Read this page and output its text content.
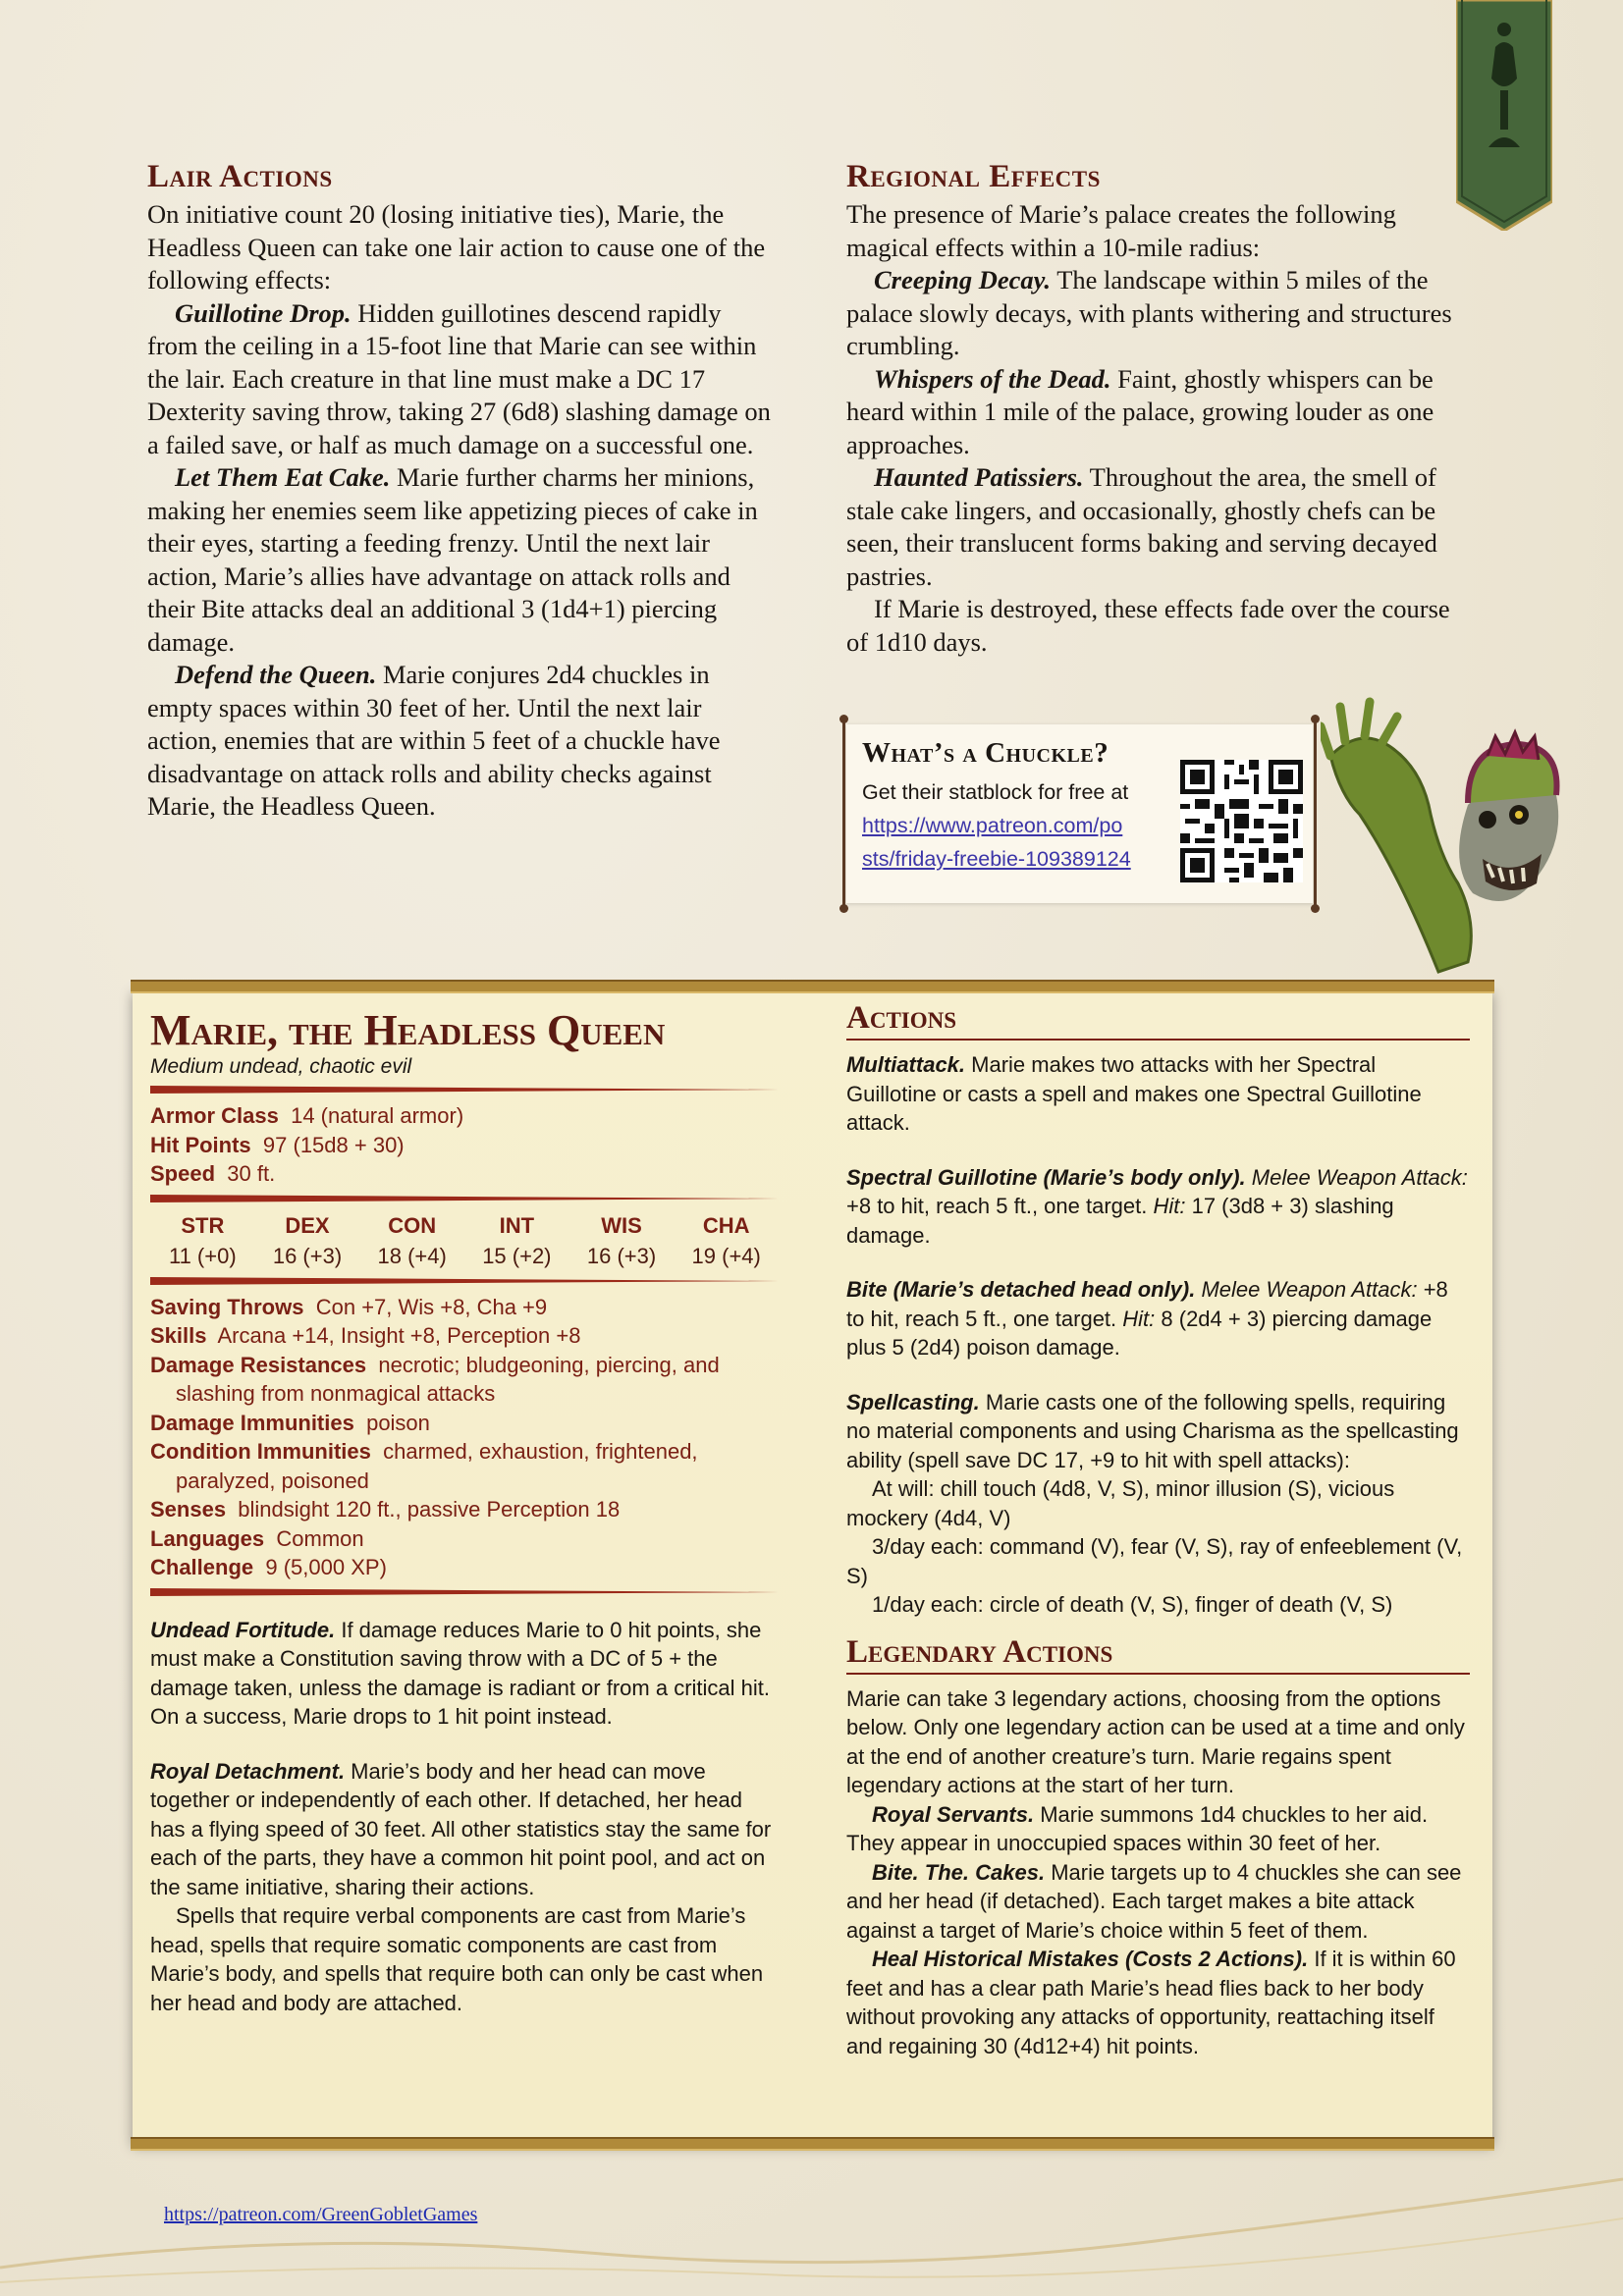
Lair Actions

On initiative count 20 (losing initiative ties), Marie, the Headless Queen can take one lair action to cause one of the following effects:

Guillotine Drop. Hidden guillotines descend rapidly from the ceiling in a 15-foot line that Marie can see within the lair. Each creature in that line must make a DC 17 Dexterity saving throw, taking 27 (6d8) slashing damage on a failed save, or half as much damage on a successful one.

Let Them Eat Cake. Marie further charms her minions, making her enemies seem like appetizing pieces of cake in their eyes, starting a feeding frenzy. Until the next lair action, Marie’s allies have advantage on attack rolls and their Bite attacks deal an additional 3 (1d4+1) piercing damage.

Defend the Queen. Marie conjures 2d4 chuckles in empty spaces within 30 feet of her. Until the next lair action, enemies that are within 5 feet of a chuckle have disadvantage on attack rolls and ability checks against Marie, the Headless Queen.

Regional Effects

The presence of Marie’s palace creates the following magical effects within a 10-mile radius:

Creeping Decay. The landscape within 5 miles of the palace slowly decays, with plants withering and structures crumbling.

Whispers of the Dead. Faint, ghostly whispers can be heard within 1 mile of the palace, growing louder as one approaches.

Haunted Patissiers. Throughout the area, the smell of stale cake lingers, and occasionally, ghostly chefs can be seen, their translucent forms baking and serving decayed pastries.

If Marie is destroyed, these effects fade over the course of 1d10 days.

What’s a Chuckle?
Get their statblock for free at
https://www.patreon.com/po
sts/friday-freebie-109389124

Marie, the Headless Queen

Medium undead, chaotic evil

Armor Class 14 (natural armor)

Hit Points 97 (15d8 + 30)

Speed 30 ft.

STR
11 (+0)
DEX
16 (+3)
CON
18 (+4)
INT
15 (+2)
WIS
16 (+3)
CHA
19 (+4)

Saving Throws Con +7, Wis +8, Cha +9

Skills Arcana +14, Insight +8, Perception +8

Damage Resistances necrotic; bludgeoning, piercing, and slashing from nonmagical attacks

Damage Immunities poison

Condition Immunities charmed, exhaustion, frightened, paralyzed, poisoned

Senses blindsight 120 ft., passive Perception 18

Languages Common

Challenge 9 (5,000 XP)

Undead Fortitude. If damage reduces Marie to 0 hit points, she must make a Constitution saving throw with a DC of 5 + the damage taken, unless the damage is radiant or from a critical hit. On a success, Marie drops to 1 hit point instead.

Royal Detachment. Marie’s body and her head can move together or independently of each other. If detached, her head has a flying speed of 30 feet. All other statistics stay the same for each of the parts, they have a common hit point pool, and act on the same initiative, sharing their actions.

Spells that require verbal components are cast from Marie’s head, spells that require somatic components are cast from Marie’s body, and spells that require both can only be cast when her head and body are attached.

Actions

Multiattack. Marie makes two attacks with her Spectral Guillotine or casts a spell and makes one Spectral Guillotine attack.

Spectral Guillotine (Marie’s body only). Melee Weapon Attack: +8 to hit, reach 5 ft., one target. Hit: 17 (3d8 + 3) slashing damage.

Bite (Marie’s detached head only). Melee Weapon Attack: +8 to hit, reach 5 ft., one target. Hit: 8 (2d4 + 3) piercing damage plus 5 (2d4) poison damage.

Spellcasting. Marie casts one of the following spells, requiring no material components and using Charisma as the spellcasting ability (spell save DC 17, +9 to hit with spell attacks):

At will: chill touch (4d8, V, S), minor illusion (S), vicious mockery (4d4, V)

3/day each: command (V), fear (V, S), ray of enfeeblement (V, S)

1/day each: circle of death (V, S), finger of death (V, S)

Legendary Actions

Marie can take 3 legendary actions, choosing from the options below. Only one legendary action can be used at a time and only at the end of another creature’s turn. Marie regains spent legendary actions at the start of her turn.

Royal Servants. Marie summons 1d4 chuckles to her aid. They appear in unoccupied spaces within 30 feet of her.

Bite. The. Cakes. Marie targets up to 4 chuckles she can see and her head (if detached). Each target makes a bite attack against a target of Marie’s choice within 5 feet of them.

Heal Historical Mistakes (Costs 2 Actions). If it is within 60 feet and has a clear path Marie’s head flies back to her body without provoking any attacks of opportunity, reattaching itself and regaining 30 (4d12+4) hit points.

https://patreon.com/GreenGobletGames
